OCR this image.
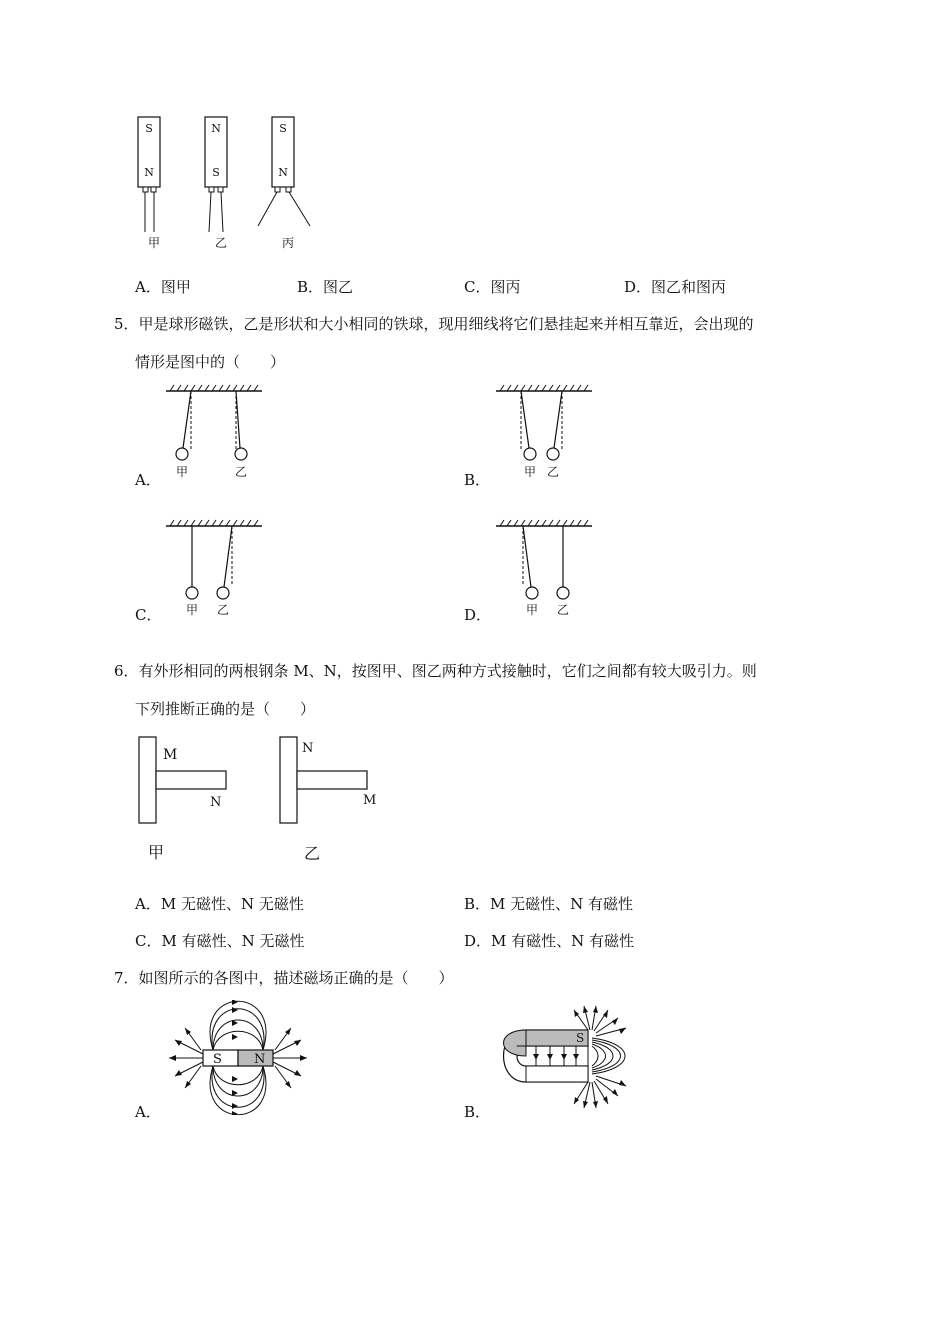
S
N
甲
N
S
乙
S
N
丙
A．图甲	B．图乙	C．图丙	D．图乙和图丙
5．甲是球形磁铁，乙是形状和大小相同的铁球，现用细线将它们悬挂起来并相互靠近，会出现的
情形是图中的（　　）
A． 甲	乙	B．	甲 乙
C． 甲 乙	D．	甲 乙
6．有外形相同的两根钢条 M、N，按图甲、图乙两种方式接触时，它们之间都有较大吸引力。则
下列推断正确的是（　　）
M
N
甲
N
M
乙
A．M 无磁性、N 无磁性	B．M 无磁性、N 有磁性
C．M 有磁性、N 无磁性	D．M 有磁性、N 有磁性
7．如图所示的各图中，描述磁场正确的是（　　）
A．
S N
B．
S
